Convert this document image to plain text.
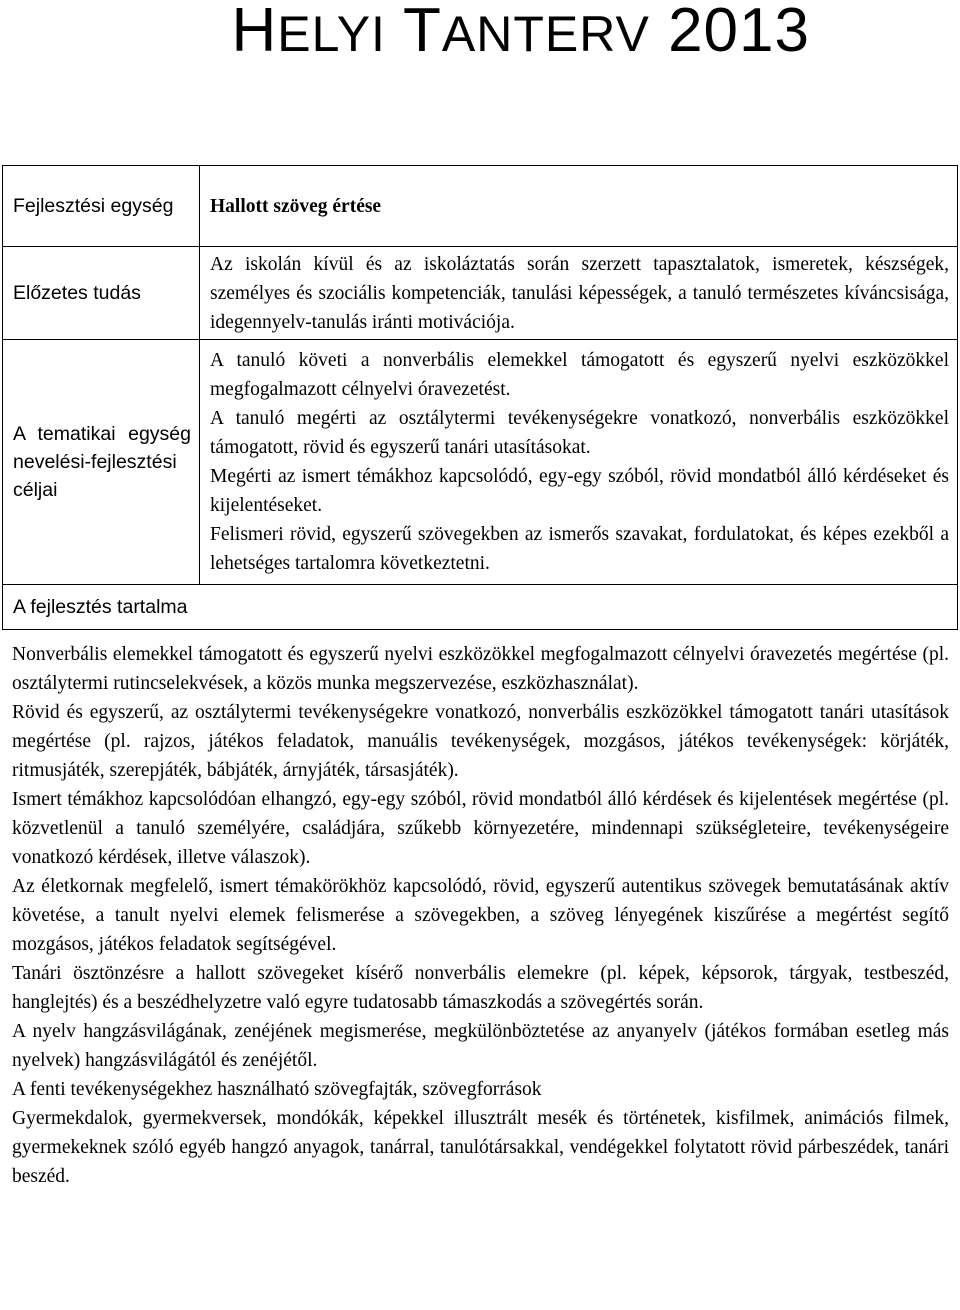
HELYI TANTERV 2013
Fejlesztési egység	Hallott szöveg értése
Előzetes tudás	Az iskolán kívül és az iskoláztatás során szerzett tapasztalatok, ismeretek, készségek, személyes és szociális kompetenciák, tanulási képességek, a tanuló természetes kíváncsisága, idegennyelv-tanulás iránti motivációja.
A tematikai egység nevelési-fejlesztési céljai	A tanuló követi a nonverbális elemekkel támogatott és egyszerű nyelvi eszközökkel megfogalmazott célnyelvi óravezetést.
A tanuló megérti az osztálytermi tevékenységekre vonatkozó, nonverbális eszközökkel támogatott, rövid és egyszerű tanári utasításokat.
Megérti az ismert témákhoz kapcsolódó, egy-egy szóból, rövid mondatból álló kérdéseket és kijelentéseket.
Felismeri rövid, egyszerű szövegekben az ismerős szavakat, fordulatokat, és képes ezekből a lehetséges tartalomra következtetni.

A fejlesztés tartalma	

Nonverbális elemekkel támogatott és egyszerű nyelvi eszközökkel megfogalmazott célnyelvi óravezetés megértése (pl. osztálytermi rutincselekvések, a közös munka megszervezése, eszközhasználat).

Rövid és egyszerű, az osztálytermi tevékenységekre vonatkozó, nonverbális eszközökkel támogatott tanári utasítások megértése (pl. rajzos, játékos feladatok, manuális tevékenységek, mozgásos, játékos tevékenységek: körjáték, ritmusjáték, szerepjáték, bábjáték, árnyjáték, társasjáték).

Ismert témákhoz kapcsolódóan elhangzó, egy-egy szóból, rövid mondatból álló kérdések és kijelentések megértése (pl. közvetlenül a tanuló személyére, családjára, szűkebb környezetére, mindennapi szükségleteire, tevékenységeire vonatkozó kérdések, illetve válaszok).

Az életkornak megfelelő, ismert témakörökhöz kapcsolódó, rövid, egyszerű autentikus szövegek bemutatásának aktív követése, a tanult nyelvi elemek felismerése a szövegekben, a szöveg lényegének kiszűrése a megértést segítő mozgásos, játékos feladatok segítségével.

Tanári ösztönzésre a hallott szövegeket kísérő nonverbális elemekre (pl. képek, képsorok, tárgyak, testbeszéd, hanglejtés) és a beszédhelyzetre való egyre tudatosabb támaszkodás a szövegértés során.

A nyelv hangzásvilágának, zenéjének megismerése, megkülönböztetése az anyanyelv (játékos formában esetleg más nyelvek) hangzásvilágától és zenéjétől.

A fenti tevékenységekhez használható szövegfajták, szövegforrások

Gyermekdalok, gyermekversek, mondókák, képekkel illusztrált mesék és történetek, kisfilmek, animációs filmek, gyermekeknek szóló egyéb hangzó anyagok, tanárral, tanulótársakkal, vendégekkel folytatott rövid párbeszédek, tanári beszéd.
